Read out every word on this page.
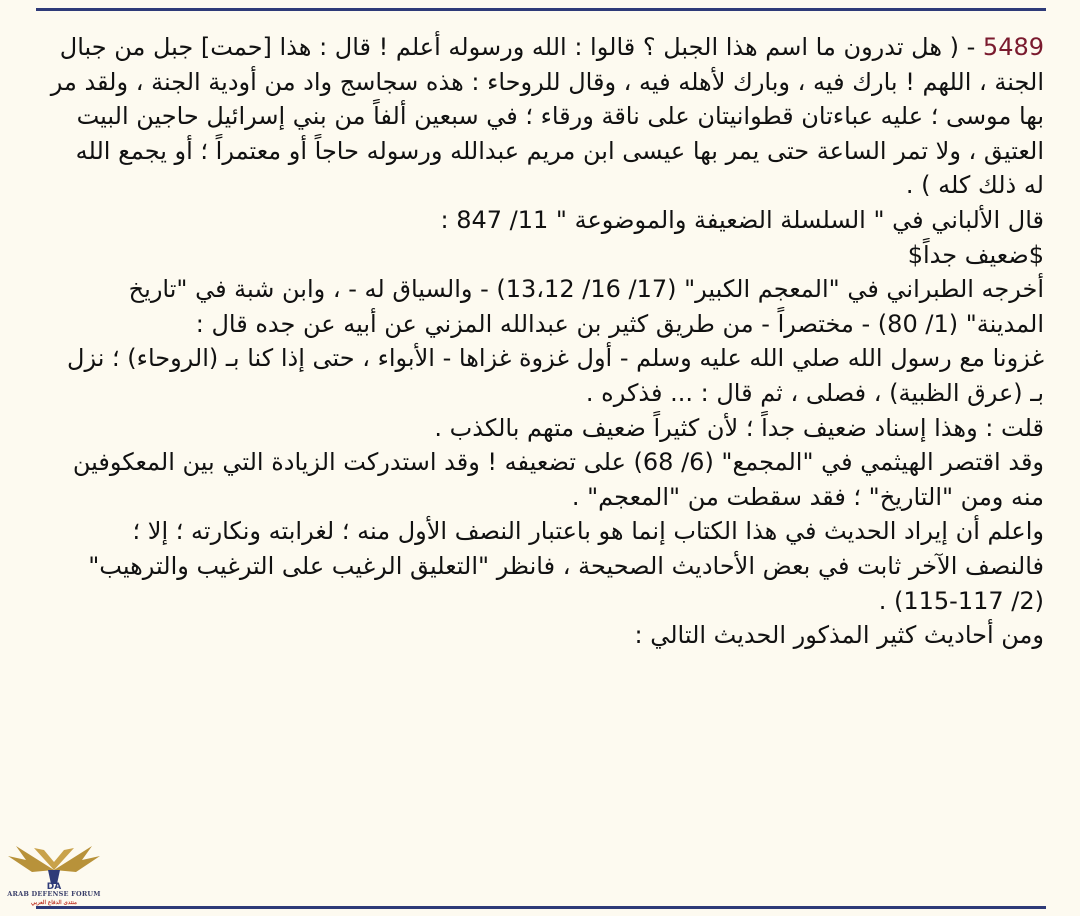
5489 - ( هل تدرون ما اسم هذا الجبل ؟ قالوا : الله ورسوله أعلم ! قال : هذا [حمت] جبل من جبال
الجنة ، اللهم ! بارك فيه ، وبارك لأهله فيه ، وقال للروحاء : هذه سجاسج واد من أودية الجنة ، ولقد مر
بها موسى ؛ عليه عباءتان قطوانيتان على ناقة ورقاء ؛ في سبعين ألفاً من بني إسرائيل حاجين البيت
العتيق ، ولا تمر الساعة حتى يمر بها عيسى ابن مريم عبدالله ورسوله حاجاً أو معتمراً ؛ أو يجمع الله
له ذلك كله ) .
قال الألباني في " السلسلة الضعيفة والموضوعة " 11/ 847 :
$ضعيف جداً$
أخرجه الطبراني في "المعجم الكبير" (17/ 16/ 13،12) - والسياق له - ، وابن شبة في "تاريخ
المدينة" (1/ 80) - مختصراً - من طريق كثير بن عبدالله المزني عن أبيه عن جده قال :
غزونا مع رسول الله صلي الله عليه وسلم - أول غزوة غزاها - الأبواء ، حتى إذا كنا بـ (الروحاء) ؛ نزل
بـ (عرق الظبية) ، فصلى ، ثم قال : ... فذكره .
قلت : وهذا إسناد ضعيف جداً ؛ لأن كثيراً ضعيف متهم بالكذب .
وقد اقتصر الهيثمي في "المجمع" (6/ 68) على تضعيفه ! وقد استدركت الزيادة التي بين المعكوفين
منه ومن "التاريخ" ؛ فقد سقطت من "المعجم" .
واعلم أن إيراد الحديث في هذا الكتاب إنما هو باعتبار النصف الأول منه ؛ لغرابته ونكارته ؛ إلا ؛
فالنصف الآخر ثابت في بعض الأحاديث الصحيحة ، فانظر "التعليق الرغيب على الترغيب والترهيب"
(2/ 115-117) .
ومن أحاديث كثير المذكور الحديث التالي :
DA
ARAB DEFENSE FORUM
منتدى الدفاع العربي
